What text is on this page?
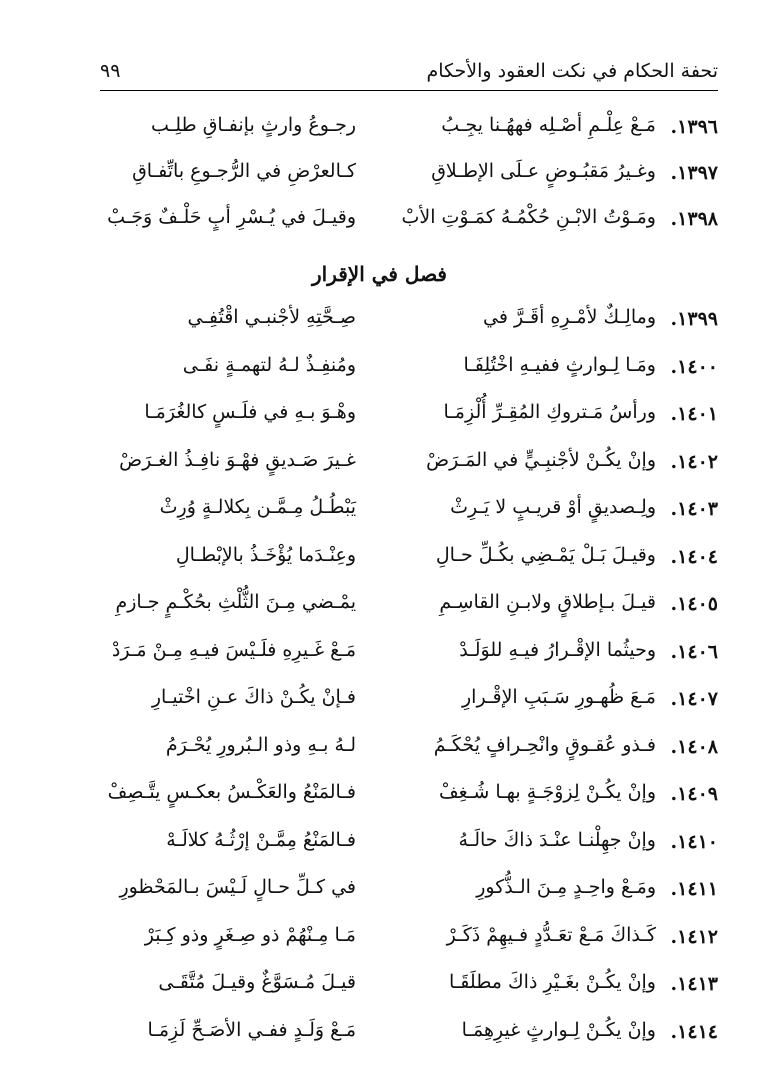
تحفة الحكام في نكت العقود والأحكام
٩٩
١٣٩٦.
مَـعْ عِلْـمِ أصْـلِه فههُـنا يجِـبُ
رجـوعُ وارثٍ بإنفـاقِ طلِـب
١٣٩٧.
وغـيرُ مَقبُـوضٍ عـلَى الإطـلاقِ
كـالعرْضِ في الرُّجـوعِ باتِّفـاقِ
١٣٩٨.
ومَـوْتُ الابْـنِ حُكْمُـهُ كمَـوْتِ الأبْ
وقيـلَ في يُـسْرِ أبٍ حَلْـفٌ وَجَـبْ
١٣٩٩.
ومالِـكٌ لأمْـرِهِ أقَـرَّ في
صِـحَّتِهِ لأجْنبـي اقْتُفِـي
١٤٠٠.
ومَـا لِـوارثٍ ففيـهِ اخْتُلِفَـا
ومُنفِـذٌ لـهُ لتهمـةٍ نفَـى
١٤٠١.
ورأسُ مَـتروكِ المُقِـرِّ أُلْزِمَـا
وهْـوَ بـهِ في فلَـسٍ كالغُرَمَـا
١٤٠٢.
وإنْ يكُـنْ لأجْنبِـيٍّ في المَـرَضْ
غـيرَ صَـديقٍ فهْـوَ نافِـذُ الغـرَضْ
١٤٠٣.
ولِـصديقٍ أوْ قريـبٍ لا يَـرِثْ
يَبْطُـلُ مِـمَّـن بِكلالـةٍ وُرِثْ
١٤٠٤.
وقيـلَ بَـلْ يَمْـضِي بكُـلِّ حـالِ
وعِنْـدَما يُؤْخَـذُ بالإبْطـالِ
١٤٠٥.
قيـلَ بـإطلاقٍ ولابـنِ القاسِـمِ
يمْـضي مِـنَ الثُّلْثِ بحُكْـمٍ جـازمِ
١٤٠٦.
وحيثُما الإقْـرارُ فيـهِ للوَلَـدْ
مَـعْ غَـيرِهِ فلَـيْسَ فيـهِ مِـنْ مَـرَدْ
١٤٠٧.
مَـعَ ظُهـورِ سَـبَبِ الإقْـرارِ
فـإنْ يكُـنْ ذاكَ عـنِ اخْتيـارِ
١٤٠٨.
فـذو عُقـوقٍ وانْحِـرافٍ يُحْكَـمُ
لـهُ بـهِ وذو الـبُرورِ يُحْـرَمُ
١٤٠٩.
وإنْ يكُـنْ لِزوْجَـةٍ بهـا شُـغِفْ
فـالمَنْعُ والعَكْـسُ بعكـسٍ يتَّـصِفْ
١٤١٠.
وإنْ جهِلْنـا عنْـدَ ذاكَ حالَـهُ
فـالمَنْعُ مِمَّـنْ إرْثُـهُ كلالَـهْ
١٤١١.
ومَـعْ واحِـدٍ مِـنَ الـذُّكورِ
في كـلِّ حـالٍ لَـيْسَ بـالمَحْظورِ
١٤١٢.
كَـذاكَ مَـعْ تعَـدُّدٍ فـيهِمْ ذَكَـرْ
مَـا مِـنْهُمْ ذو صِـغَرٍ وذو كِـبَرْ
١٤١٣.
وإنْ يكُـنْ بغَـيْرِ ذاكَ مطلَقَـا
قيـلَ مُـسَوَّغٌ وقيـلَ مُتَّقَـى
١٤١٤.
وإنْ يكُـنْ لِـوارثٍ غيرِهِمَـا
مَـعْ وَلَـدٍ ففـي الأصَـحِّ لَزِمَـا
فصل في الإقرار
